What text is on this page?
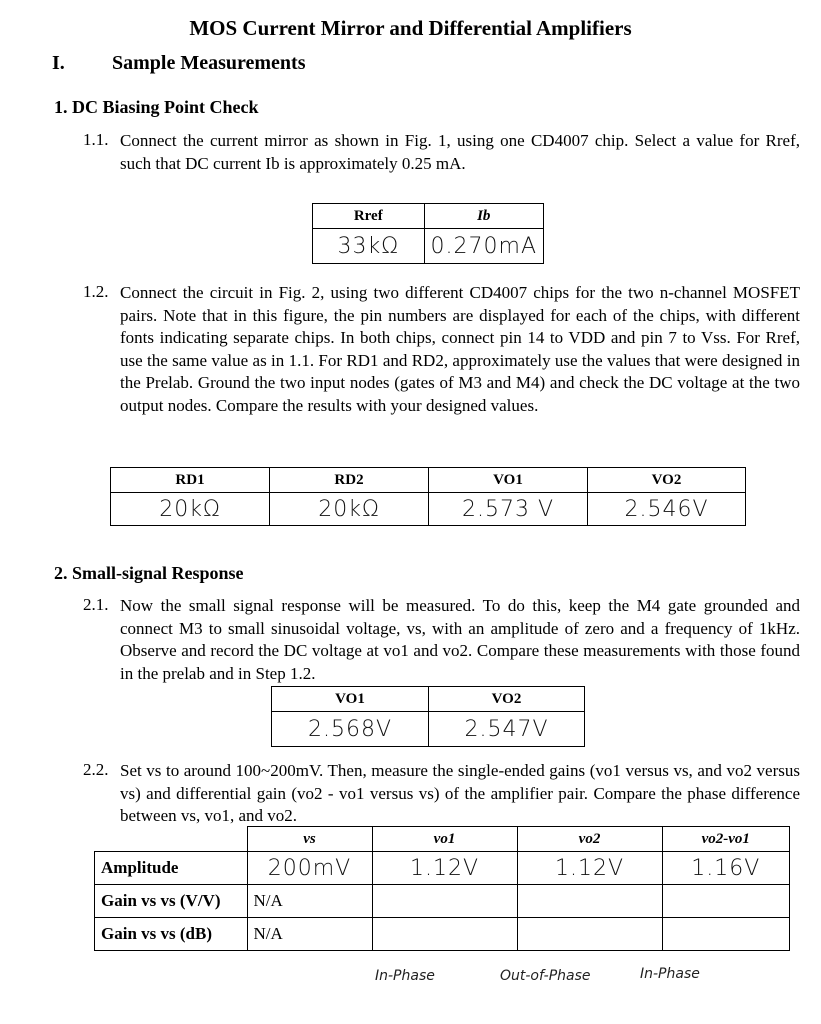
MOS Current Mirror and Differential Amplifiers
I. Sample Measurements
1. DC Biasing Point Check
1.1. Connect the current mirror as shown in Fig. 1, using one CD4007 chip. Select a value for Rref, such that DC current Ib is approximately 0.25 mA.
Rref	Ib
33kΩ	0.270mA
1.2. Connect the circuit in Fig. 2, using two different CD4007 chips for the two n-channel MOSFET pairs. Note that in this figure, the pin numbers are displayed for each of the chips, with different fonts indicating separate chips. In both chips, connect pin 14 to VDD and pin 7 to Vss. For Rref, use the same value as in 1.1. For RD1 and RD2, approximately use the values that were designed in the Prelab. Ground the two input nodes (gates of M3 and M4) and check the DC voltage at the two output nodes. Compare the results with your designed values.
RD1	RD2	VO1	VO2
20kΩ	20kΩ	2.573 V	2.546V
2. Small-signal Response
2.1. Now the small signal response will be measured. To do this, keep the M4 gate grounded and connect M3 to small sinusoidal voltage, vs, with an amplitude of zero and a frequency of 1kHz. Observe and record the DC voltage at vo1 and vo2. Compare these measurements with those found in the prelab and in Step 1.2.
VO1	VO2
2.568V	2.547V
2.2. Set vs to around 100~200mV. Then, measure the single-ended gains (vo1 versus vs, and vo2 versus vs) and differential gain (vo2 - vo1 versus vs) of the amplifier pair. Compare the phase difference between vs, vo1, and vo2.
	vs	vo1	vo2	vo2-vo1
Amplitude	200mV	1.12V	1.12V	1.16V
Gain vs vs (V/V)	N/A			
Gain vs vs (dB)	N/A			
In-Phase	Out-of-Phase	In-Phase
